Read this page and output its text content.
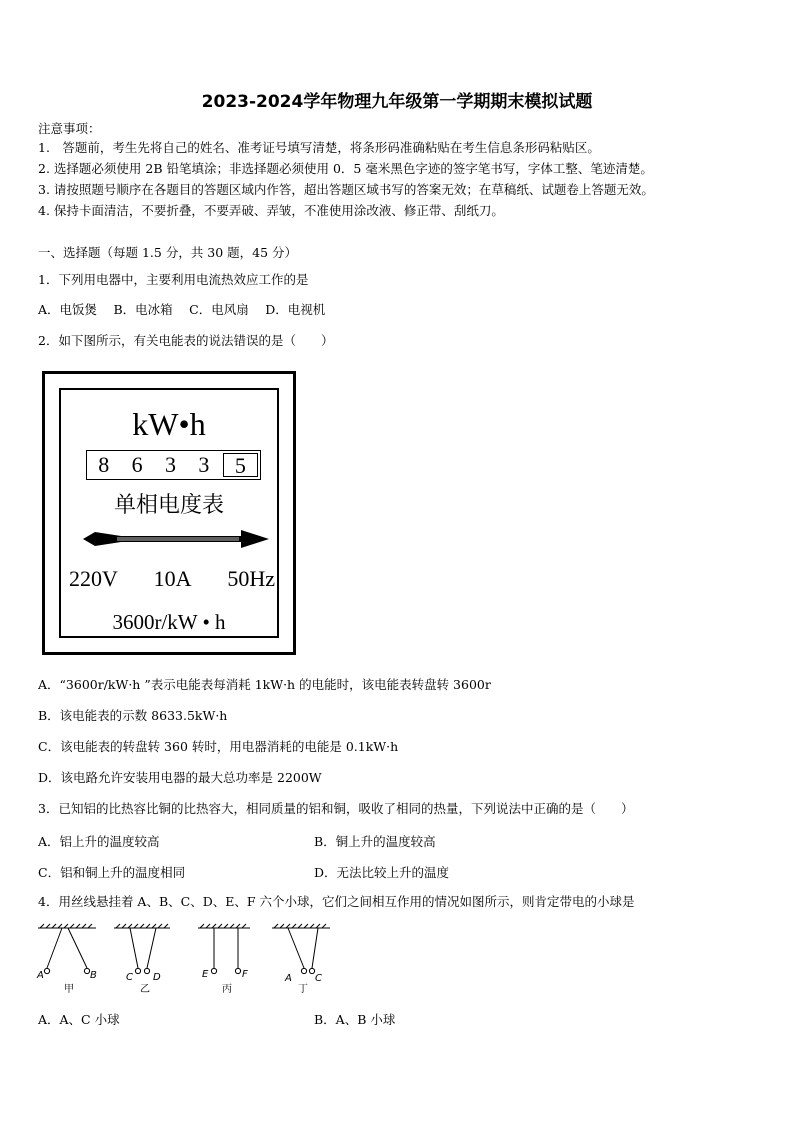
2023-2024学年物理九年级第一学期期末模拟试题
注意事项：
1.　答题前，考生先将自己的姓名、准考证号填写清楚，将条形码准确粘贴在考生信息条形码粘贴区。
2. 选择题必须使用 2B 铅笔填涂；非选择题必须使用 0．5 毫米黑色字迹的签字笔书写，字体工整、笔迹清楚。
3. 请按照题号顺序在各题目的答题区域内作答，超出答题区域书写的答案无效；在草稿纸、试题卷上答题无效。
4. 保持卡面清洁，不要折叠，不要弄破、弄皱，不准使用涂改液、修正带、刮纸刀。
一、选择题（每题 1.5 分，共 30 题，45 分）
1．下列用电器中，主要利用电流热效应工作的是
A．电饭煲　 B．电冰箱　 C．电风扇　 D．电视机
2．如下图所示，有关电能表的说法错误的是（　　）
kW•h
8	6	3	3	5
单相电度表
220V 10A 50Hz
3600r/kW • h
A．“3600r/kW·h ”表示电能表每消耗 1kW·h 的电能时，该电能表转盘转 3600r
B．该电能表的示数 8633.5kW·h
C．该电能表的转盘转 360 转时，用电器消耗的电能是 0.1kW·h
D．该电路允许安装用电器的最大总功率是 2200W
3．已知铝的比热容比铜的比热容大，相同质量的铝和铜，吸收了相同的热量，下列说法中正确的是（　　）
A．铝上升的温度较高	B．铜上升的温度较高
C．铝和铜上升的温度相同	D．无法比较上升的温度
4．用丝线悬挂着 A、B、C、D、E、F 六个小球，它们之间相互作用的情况如图所示，则肯定带电的小球是
A	B	C D	E	F	A C
甲	乙	丙	丁
A．A、C 小球	B．A、B 小球
